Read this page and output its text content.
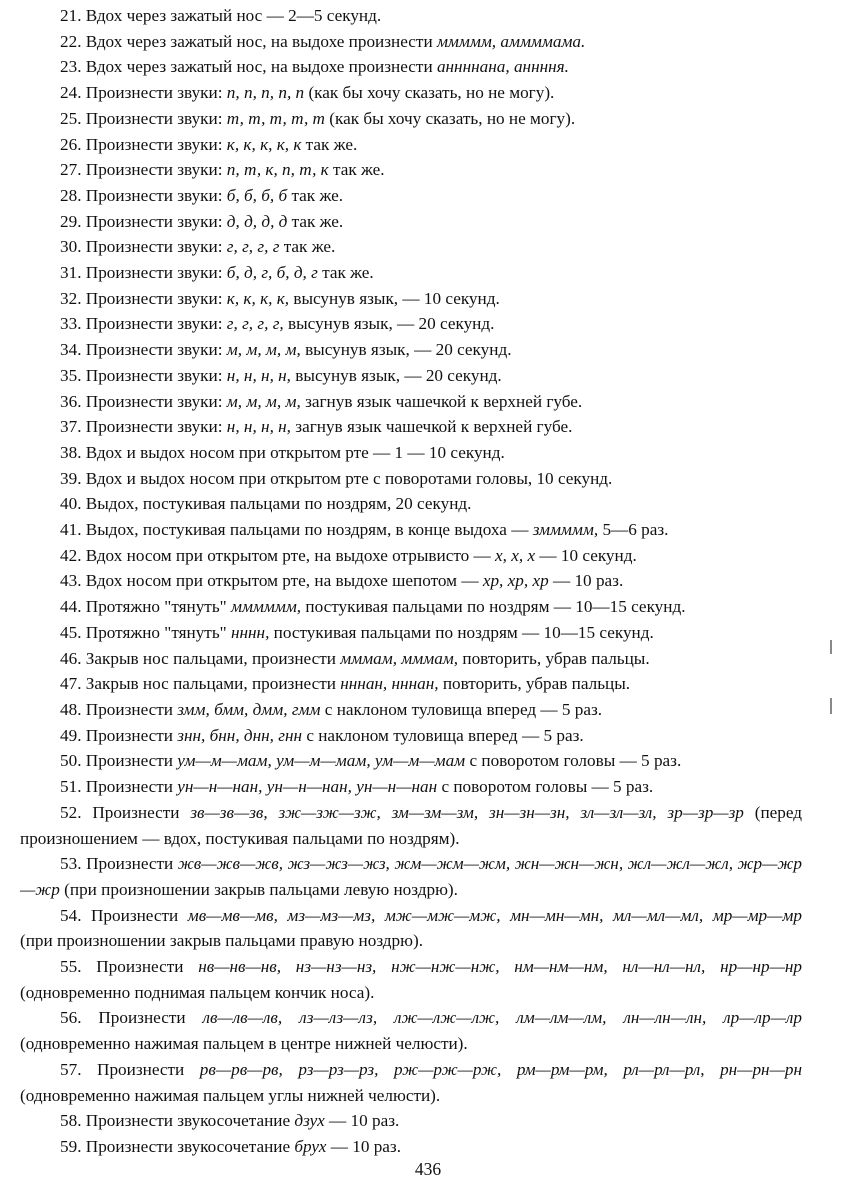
21. Вдох через зажатый нос — 2—5 секунд.
22. Вдох через зажатый нос, на выдохе произнести ммммм, аммммама.
23. Вдох через зажатый нос, на выдохе произнести аннннана, аннння.
24. Произнести звуки: п, п, п, п, п (как бы хочу сказать, но не могу).
25. Произнести звуки: т, т, т, т, т (как бы хочу сказать, но не могу).
26. Произнести звуки: к, к, к, к, к так же.
27. Произнести звуки: п, т, к, п, т, к так же.
28. Произнести звуки: б, б, б, б так же.
29. Произнести звуки: д, д, д, д так же.
30. Произнести звуки: г, г, г, г так же.
31. Произнести звуки: б, д, г, б, д, г так же.
32. Произнести звуки: к, к, к, к, высунув язык, — 10 секунд.
33. Произнести звуки: г, г, г, г, высунув язык, — 20 секунд.
34. Произнести звуки: м, м, м, м, высунув язык, — 20 секунд.
35. Произнести звуки: н, н, н, н, высунув язык, — 20 секунд.
36. Произнести звуки: м, м, м, м, загнув язык чашечкой к верхней губе.
37. Произнести звуки: н, н, н, н, загнув язык чашечкой к верхней губе.
38. Вдох и выдох носом при открытом рте — 1 — 10 секунд.
39. Вдох и выдох носом при открытом рте с поворотами головы, 10 секунд.
40. Выдох, постукивая пальцами по ноздрям, 20 секунд.
41. Выдох, постукивая пальцами по ноздрям, в конце выдоха — зммммм, 5—6 раз.
42. Вдох носом при открытом рте, на выдохе отрывисто — х, х, х — 10 секунд.
43. Вдох носом при открытом рте, на выдохе шепотом — хр, хр, хр — 10 раз.
44. Протяжно "тянуть" мммммм, постукивая пальцами по ноздрям — 10—15 секунд.
45. Протяжно "тянуть" нннн, постукивая пальцами по ноздрям — 10—15 секунд.
46. Закрыв нос пальцами, произнести мммам, мммам, повторить, убрав пальцы.
47. Закрыв нос пальцами, произнести нннан, нннан, повторить, убрав пальцы.
48. Произнести змм, бмм, дмм, гмм с наклоном туловища вперед — 5 раз.
49. Произнести знн, бнн, днн, гнн с наклоном туловища вперед — 5 раз.
50. Произнести ум—м—мам, ум—м—мам, ум—м—мам с поворотом головы — 5 раз.
51. Произнести ун—н—нан, ун—н—нан, ун—н—нан с поворотом головы — 5 раз.
52. Произнести зв—зв—зв, зж—зж—зж, зм—зм—зм, зн—зн—зн, зл—зл—зл, зр—зр—зр (перед произношением — вдох, постукивая пальцами по ноздрям).
53. Произнести жв—жв—жв, жз—жз—жз, жм—жм—жм, жн—жн—жн, жл—жл—жл, жр—жр—жр (при произношении закрыв пальцами левую ноздрю).
54. Произнести мв—мв—мв, мз—мз—мз, мж—мж—мж, мн—мн—мн, мл—мл—мл, мр—мр—мр (при произношении закрыв пальцами правую ноздрю).
55. Произнести нв—нв—нв, нз—нз—нз, нж—нж—нж, нм—нм—нм, нл—нл—нл, нр—нр—нр (одновременно поднимая пальцем кончик носа).
56. Произнести лв—лв—лв, лз—лз—лз, лж—лж—лж, лм—лм—лм, лн—лн—лн, лр—лр—лр (одновременно нажимая пальцем в центре нижней челюсти).
57. Произнести рв—рв—рв, рз—рз—рз, рж—рж—рж, рм—рм—рм, рл—рл—рл, рн—рн—рн (одновременно нажимая пальцем углы нижней челюсти).
58. Произнести звукосочетание дзух — 10 раз.
59. Произнести звукосочетание брух — 10 раз.
436
